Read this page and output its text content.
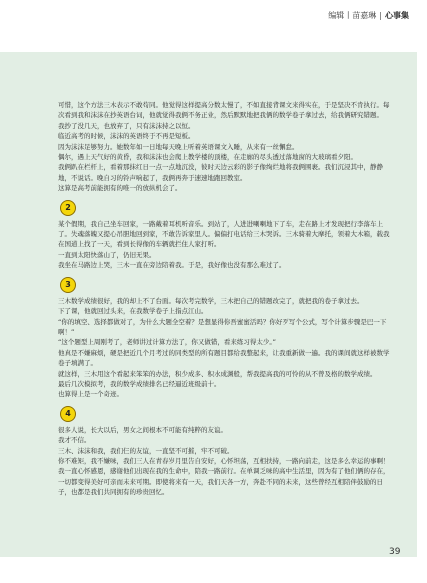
编辑丨苗嘉琳 | 心事集

可惜，这个方法三木表示不敢苟同。他觉得这样提高分数太慢了，不如直接背课文来得实在，于是坚决不肯执行。每次看到我和沫沫在抄英语台词，他就觉得我俩不务正业，然后默默地把我俩的数学卷子拿过去，给我俩研究错题。

我抄了没几天，也放弃了，只有沫沫持之以恒。

临近高考的时候，沫沫的英语终于不再是短板。

因为沫沫足够努力。她数年如一日地每天晚上听着英语课文入睡，从来有一丝懈怠。

偶尔，遇上天气好的黄昏，我和沫沫也会爬上教学楼的顶楼，在走廊的尽头透过落地窗的大玻璃看夕阳。

我俩趴在栏杆上，看着那抹红日一点一点地沉没，彼时天边云彩的影子像绚烂地将我俩围裹。我们沉浸其中，静静地，不说话。晚自习的铃声响起了，我俩再奔于速速地跑回教室。

这算是高考前能拥有的唯一的放纵机会了。

2

某个假期，我自己坐车回家，一路戴着耳机听音乐。到站了，人进进喇喇地下了车，走在路上才发现把行李落车上了。失魂落魄又提心吊胆地回到家，不敢告诉家里人。偏偏打电话给三木哭诉。三木骑着大摩托，领着大木箱，载我在国道上找了一天，看到长得像的车辆就拦住人家打听。

一直到太阳快落山了，仍旧无果。

我坐在马路边上哭，三木一直在旁边陪着我。于是，我好像也没有那么难过了。

3

三木数学成绩很好，我的却上不了台面。每次考完数学，三木把自己的错题改完了，就把我的卷子拿过去。

下了课，他就回过头来，在我数学卷子上指点江山。

“你的填空、选择都做对了，为什么大题全空着？是想显得你吾蜜蜜活吗？你好歹写个公式，写个计算步骤是巴一下啊！”

“这个题型上周刚考了，老师讲过计算方法了，你又做错，看来练习得太少。”

他真是不嫌麻烦，硬是把近几个月考过的同类型的所有题目都给我整起来，让我重新做一遍。我的课间就这样被数学卷子填满了。

就这样，三木用这个看起来笨笨的办法，积少成多、积水成渊般，帮我提高我的可怜的从不曾及格的数学成绩。

最后几次模拟考，我的数学成绩排名已经逼近班级前十。

也算得上是一个奇迹。

4

很多人说，长大以后，男女之间根本不可能有纯粹的友谊。

我才不信。

三木、沫沫和我，我们仨的友谊，一直坚不可摧，牢不可破。

你不难矩，我不嫌味，我们三人在青春岁月里告自安好，心怀坦荡，互相扶持，一路向前走，这是多么幸运的事啊！

我一直心怀感恩，感谢他们出现在我的生命中，陪我一路前行。在单调乏味的高中生活里，因为有了他们俩的存在，一切都变得美好可亲而未来可期。即使将来有一天，我们天各一方，奔赴不同的未来，这些曾经互相陪伴鼓励的日子，也都是我们共同拥有的珍贵回忆。

39
